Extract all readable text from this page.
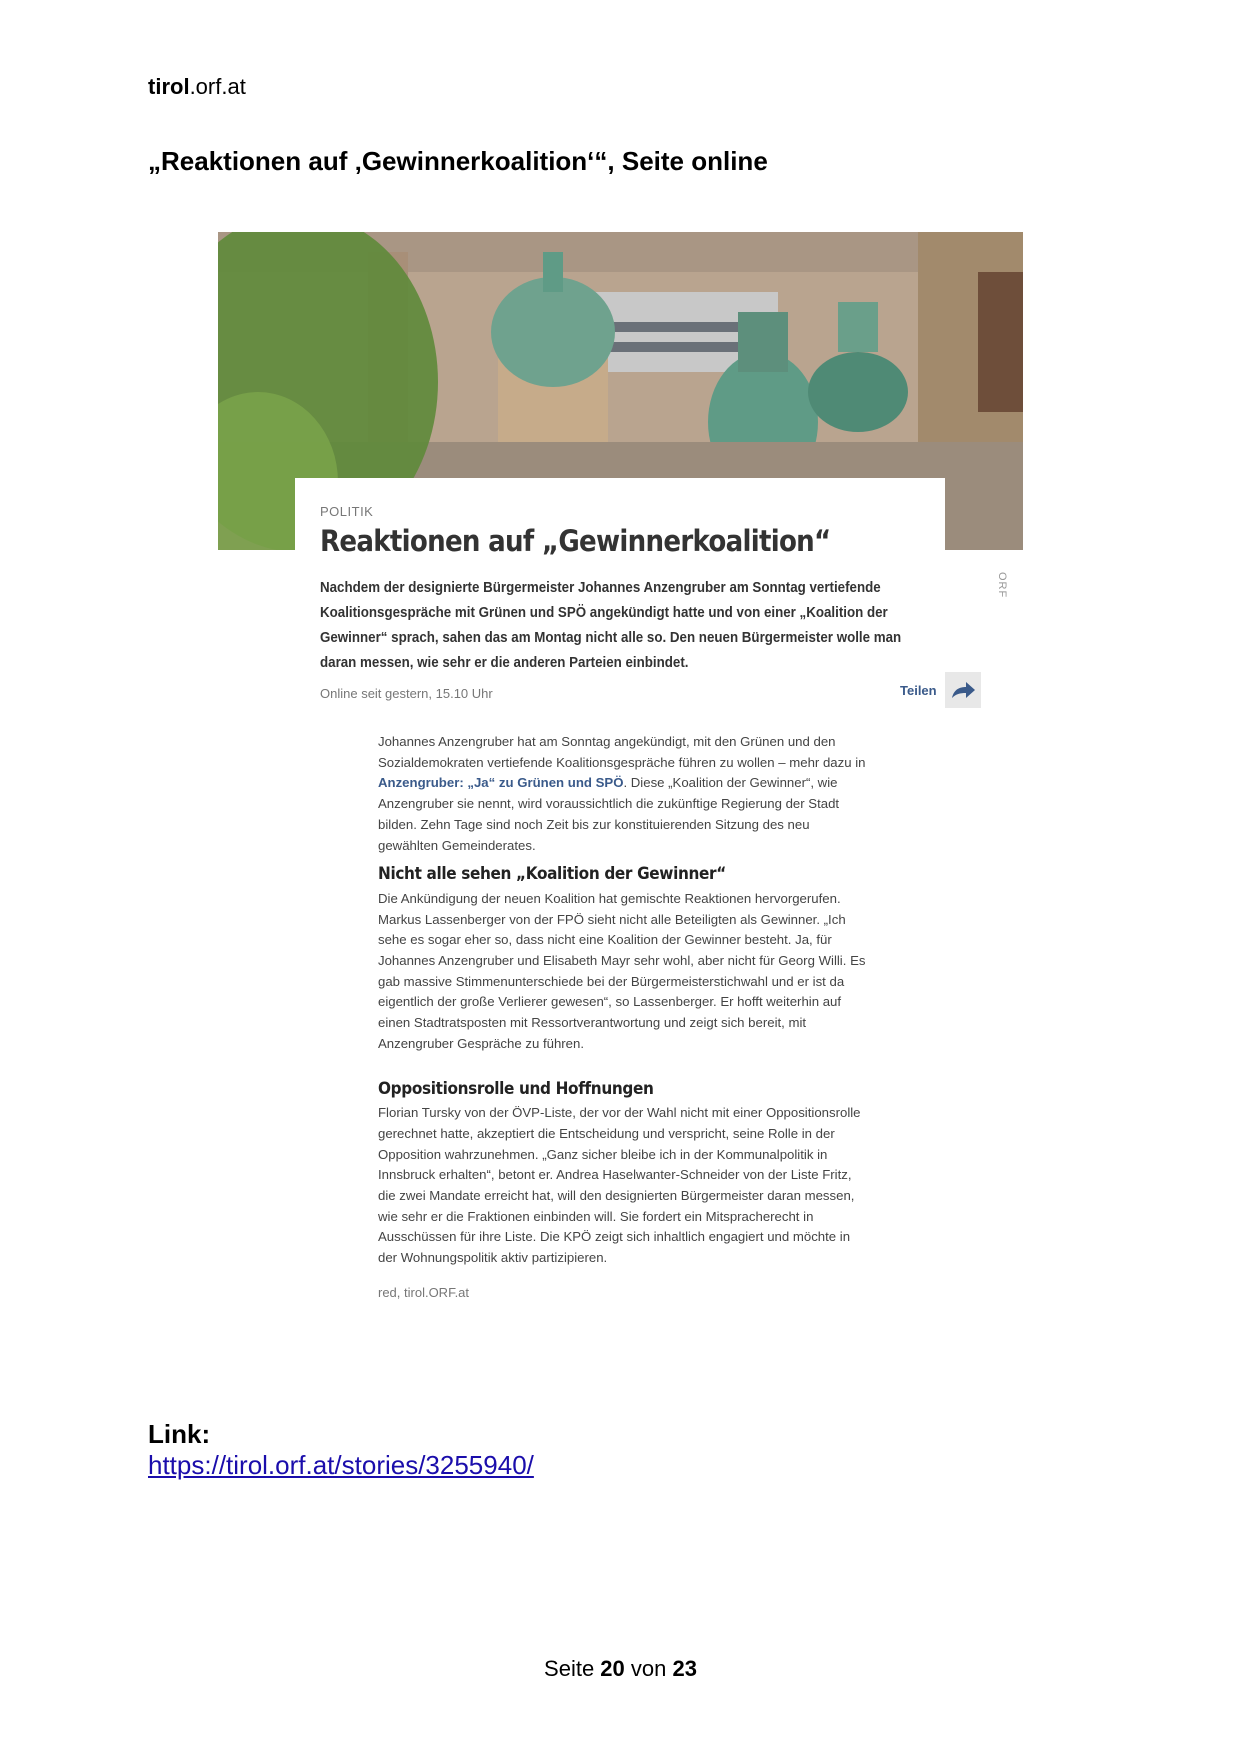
tirol.orf.at
„Reaktionen auf ‚Gewinnerkoalition‘“, Seite online
ORF
POLITIK
Reaktionen auf „Gewinnerkoalition“
Nachdem der designierte Bürgermeister Johannes Anzengruber am Sonntag vertiefende Koalitionsgespräche mit Grünen und SPÖ angekündigt hatte und von einer „Koalition der Gewinner“ sprach, sahen das am Montag nicht alle so. Den neuen Bürgermeister wolle man daran messen, wie sehr er die anderen Parteien einbindet.
Online seit gestern, 15.10 Uhr	Teilen

Johannes Anzengruber hat am Sonntag angekündigt, mit den Grünen und den Sozialdemokraten vertiefende Koalitionsgespräche führen zu wollen – mehr dazu in Anzengruber: „Ja“ zu Grünen und SPÖ. Diese „Koalition der Gewinner“, wie Anzengruber sie nennt, wird voraussichtlich die zukünftige Regierung der Stadt bilden. Zehn Tage sind noch Zeit bis zur konstituierenden Sitzung des neu gewählten Gemeinderates.

Nicht alle sehen „Koalition der Gewinner“

Die Ankündigung der neuen Koalition hat gemischte Reaktionen hervorgerufen. Markus Lassenberger von der FPÖ sieht nicht alle Beteiligten als Gewinner. „Ich sehe es sogar eher so, dass nicht eine Koalition der Gewinner besteht. Ja, für Johannes Anzengruber und Elisabeth Mayr sehr wohl, aber nicht für Georg Willi. Es gab massive Stimmenunterschiede bei der Bürgermeisterstichwahl und er ist da eigentlich der große Verlierer gewesen“, so Lassenberger. Er hofft weiterhin auf einen Stadtratsposten mit Ressortverantwortung und zeigt sich bereit, mit Anzengruber Gespräche zu führen.

Oppositionsrolle und Hoffnungen

Florian Tursky von der ÖVP-Liste, der vor der Wahl nicht mit einer Oppositionsrolle gerechnet hatte, akzeptiert die Entscheidung und verspricht, seine Rolle in der Opposition wahrzunehmen. „Ganz sicher bleibe ich in der Kommunalpolitik in Innsbruck erhalten“, betont er. Andrea Haselwanter-Schneider von der Liste Fritz, die zwei Mandate erreicht hat, will den designierten Bürgermeister daran messen, wie sehr er die Fraktionen einbinden will. Sie fordert ein Mitspracherecht in Ausschüssen für ihre Liste. Die KPÖ zeigt sich inhaltlich engagiert und möchte in der Wohnungspolitik aktiv partizipieren.

red, tirol.ORF.at
Link:
https://tirol.orf.at/stories/3255940/
Seite 20 von 23
